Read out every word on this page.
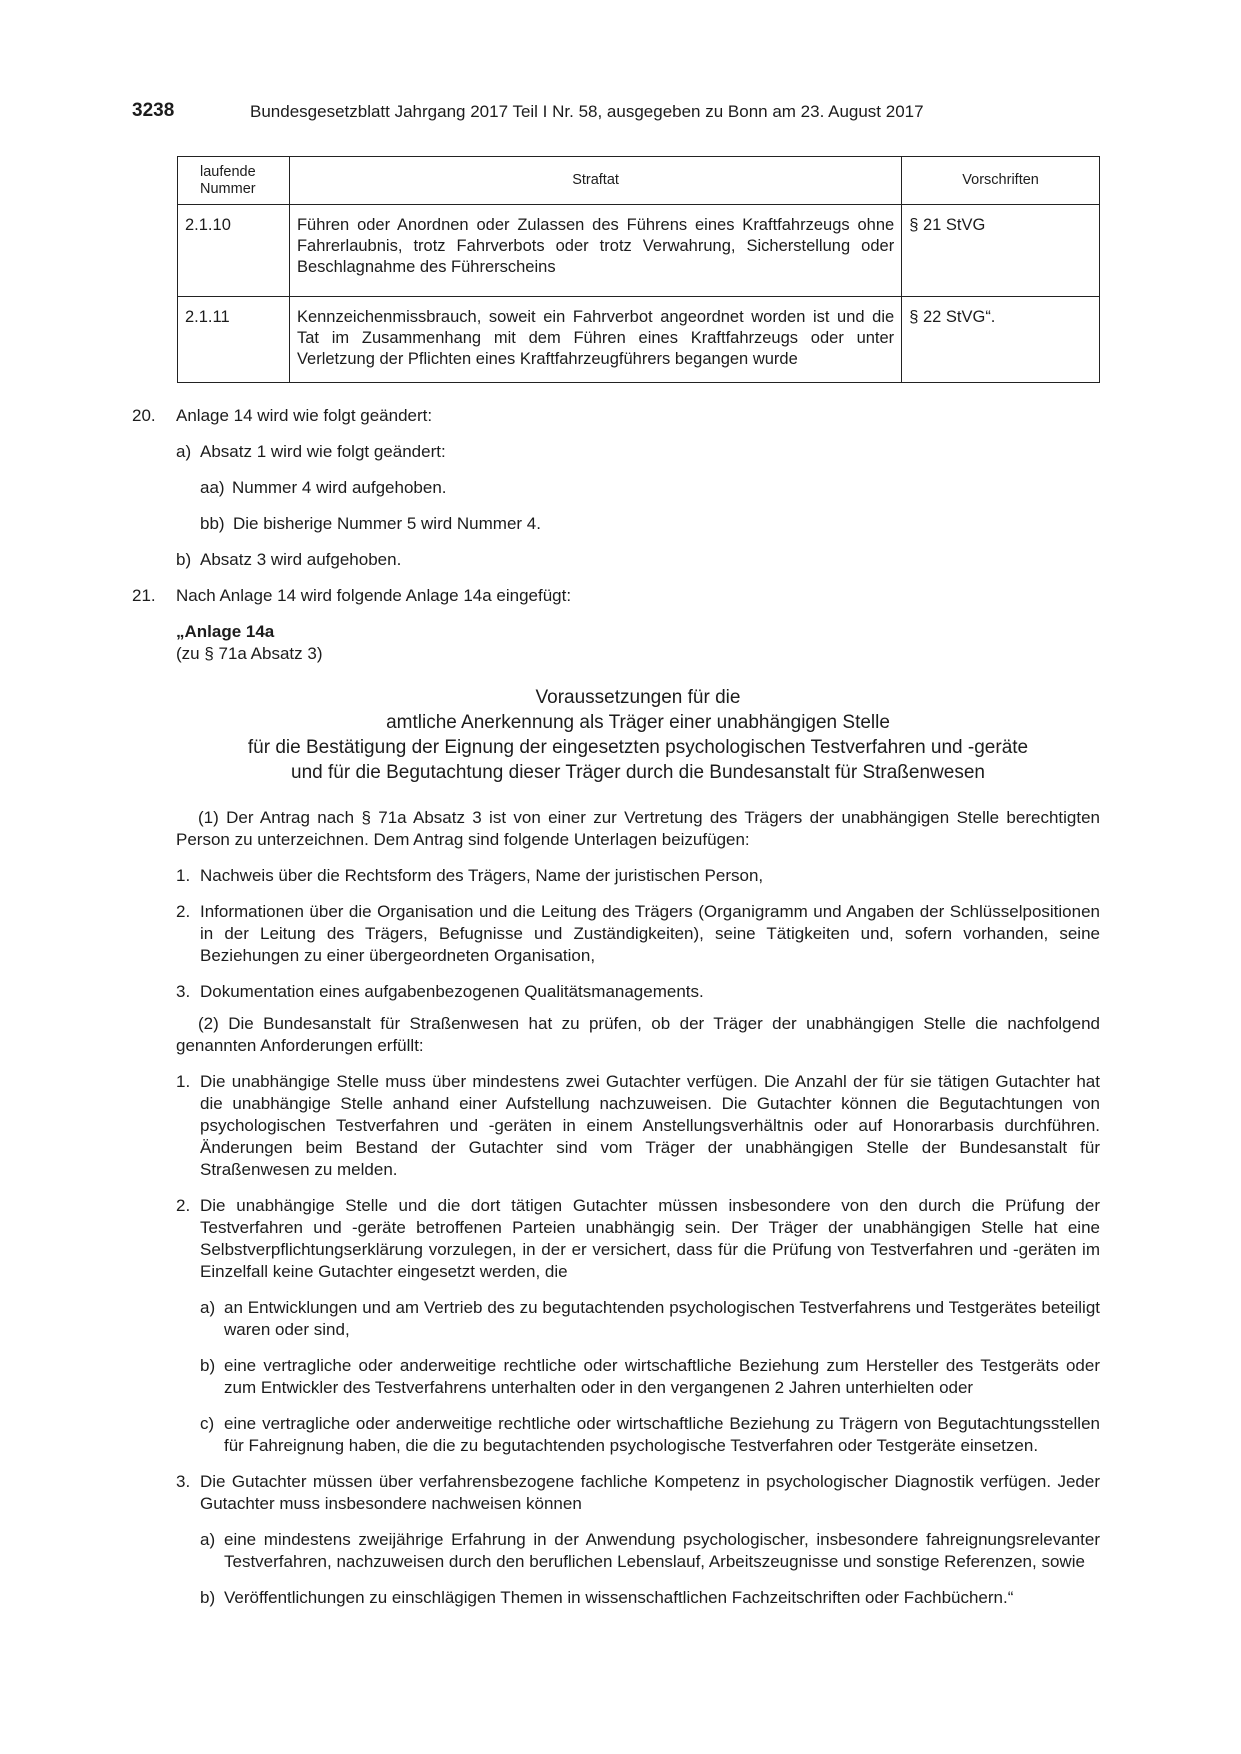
3238	Bundesgesetzblatt Jahrgang 2017 Teil I Nr. 58, ausgegeben zu Bonn am 23. August 2017
laufende Nummer	Straftat	Vorschriften
2.1.10	Führen oder Anordnen oder Zulassen des Führens eines Kraftfahrzeugs ohne Fahrerlaubnis, trotz Fahrverbots oder trotz Verwahrung, Sicherstellung oder Beschlagnahme des Führerscheins	§ 21 StVG
2.1.11	Kennzeichenmissbrauch, soweit ein Fahrverbot angeordnet worden ist und die Tat im Zusammenhang mit dem Führen eines Kraftfahrzeugs oder unter Verletzung der Pflichten eines Kraftfahrzeugführers begangen wurde	§ 22 StVG“.
20.	Anlage 14 wird wie folgt geändert:
a) Absatz 1 wird wie folgt geändert:
aa) Nummer 4 wird aufgehoben.
bb) Die bisherige Nummer 5 wird Nummer 4.
b) Absatz 3 wird aufgehoben.
21.	Nach Anlage 14 wird folgende Anlage 14a eingefügt:
„Anlage 14a
(zu § 71a Absatz 3)
Voraussetzungen für die
amtliche Anerkennung als Träger einer unabhängigen Stelle
für die Bestätigung der Eignung der eingesetzten psychologischen Testverfahren und -geräte
und für die Begutachtung dieser Träger durch die Bundesanstalt für Straßenwesen
(1) Der Antrag nach § 71a Absatz 3 ist von einer zur Vertretung des Trägers der unabhängigen Stelle berechtigten Person zu unterzeichnen. Dem Antrag sind folgende Unterlagen beizufügen:
1. Nachweis über die Rechtsform des Trägers, Name der juristischen Person,
2. Informationen über die Organisation und die Leitung des Trägers (Organigramm und Angaben der Schlüsselpositionen in der Leitung des Trägers, Befugnisse und Zuständigkeiten), seine Tätigkeiten und, sofern vorhanden, seine Beziehungen zu einer übergeordneten Organisation,
3. Dokumentation eines aufgabenbezogenen Qualitätsmanagements.
(2) Die Bundesanstalt für Straßenwesen hat zu prüfen, ob der Träger der unabhängigen Stelle die nachfolgend genannten Anforderungen erfüllt:
1. Die unabhängige Stelle muss über mindestens zwei Gutachter verfügen. Die Anzahl der für sie tätigen Gutachter hat die unabhängige Stelle anhand einer Aufstellung nachzuweisen. Die Gutachter können die Begutachtungen von psychologischen Testverfahren und -geräten in einem Anstellungsverhältnis oder auf Honorarbasis durchführen. Änderungen beim Bestand der Gutachter sind vom Träger der unabhängigen Stelle der Bundesanstalt für Straßenwesen zu melden.
2. Die unabhängige Stelle und die dort tätigen Gutachter müssen insbesondere von den durch die Prüfung der Testverfahren und -geräte betroffenen Parteien unabhängig sein. Der Träger der unabhängigen Stelle hat eine Selbstverpflichtungserklärung vorzulegen, in der er versichert, dass für die Prüfung von Testverfahren und -geräten im Einzelfall keine Gutachter eingesetzt werden, die
a) an Entwicklungen und am Vertrieb des zu begutachtenden psychologischen Testverfahrens und Testgerätes beteiligt waren oder sind,
b) eine vertragliche oder anderweitige rechtliche oder wirtschaftliche Beziehung zum Hersteller des Testgeräts oder zum Entwickler des Testverfahrens unterhalten oder in den vergangenen 2 Jahren unterhielten oder
c) eine vertragliche oder anderweitige rechtliche oder wirtschaftliche Beziehung zu Trägern von Begutachtungsstellen für Fahreignung haben, die die zu begutachtenden psychologische Testverfahren oder Testgeräte einsetzen.
3. Die Gutachter müssen über verfahrensbezogene fachliche Kompetenz in psychologischer Diagnostik verfügen. Jeder Gutachter muss insbesondere nachweisen können
a) eine mindestens zweijährige Erfahrung in der Anwendung psychologischer, insbesondere fahreignungsrelevanter Testverfahren, nachzuweisen durch den beruflichen Lebenslauf, Arbeitszeugnisse und sonstige Referenzen, sowie
b) Veröffentlichungen zu einschlägigen Themen in wissenschaftlichen Fachzeitschriften oder Fachbüchern.“
